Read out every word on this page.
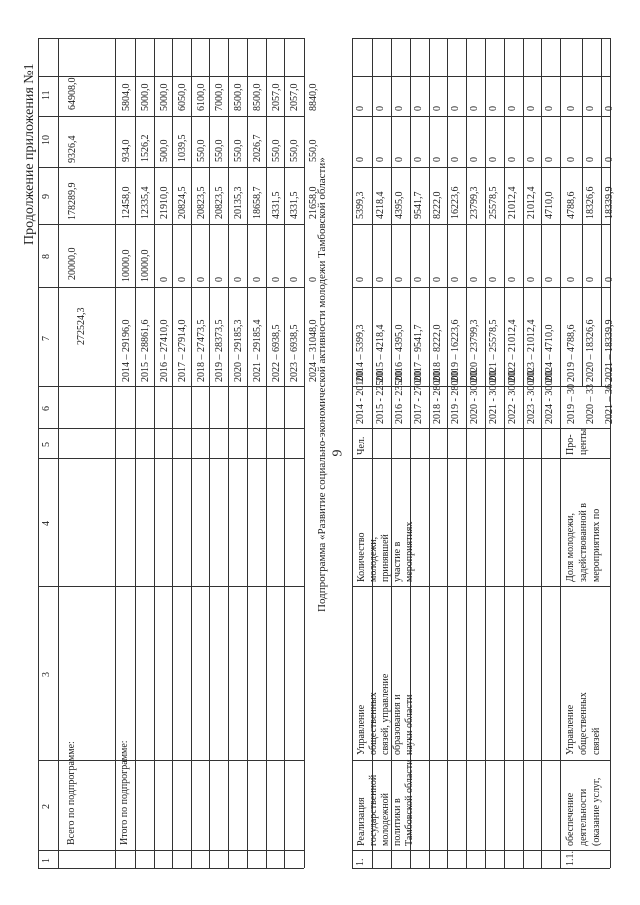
9
Продолжение приложения №1
Подпрограмма «Развитие социально-экономической активности молодежи Тамбовской области»
1
2
3
4
5
6
7
8
9
10
11
Всего по подпрограмме:
272524,3
20000,0
178289,9
9326,4
64908,0
Итого по подпрограмме:
2014 – 29196,0
10000,0
12458,0
934,0
5804,0
2015 – 28861,6
10000,0
12335,4
1526,2
5000,0
2016 – 27410,0
0
21910,0
500,0
5000,0
2017 – 27914,0
0
20824,5
1039,5
6050,0
2018 – 27473,5
0
20823,5
550,0
6100,0
2019 – 28373,5
0
20823,5
550,0
7000,0
2020 – 29185,3
0
20135,3
550,0
8500,0
2021 – 29185,4
0
18658,7
2026,7
8500,0
2022 – 6938,5
0
4331,5
550,0
2057,0
2023 – 6938,5
0
4331,5
550,0
2057,0
2024 – 31048,0
0
21658,0
550,0
8840,0
1.
Реализация государственной молодежной политики в Тамбовской области
Управление общественных связей, управление образования и науки области
Количество молодежи, принявшей участие в мероприятиях
Чел.
2014 - 20100
2014 – 5399,3
0
5399,3
0
0
2015 - 22500
2015 – 4218,4
0
4218,4
0
0
2016 - 23500
2016 – 4395,0
0
4395,0
0
0
2017 - 27000
2017 – 9541,7
0
9541,7
0
0
2018 - 28000
2018 – 8222,0
0
8222,0
0
0
2019 - 28000
2019 – 16223,6
0
16223,6
0
0
2020 - 30000
2020 – 23799,3
0
23799,3
0
0
2021 - 30000
2021 – 25578,5
0
25578,5
0
0
2022 - 30000
2022 – 21012,4
0
21012,4
0
0
2023 - 30000
2023 – 21012,4
0
21012,4
0
0
2024 - 30000
2024 – 4710,0
0
4710,0
0
0
1.1.
обеспечение деятельности (оказание услуг,
Управление общественных связей
Доля молодежи, задействованной в мероприятиях по
Про- центы
2019 – 30
2019 – 4788,6
0
4788,6
0
0
2020 – 33
2020 – 18326,6
0
18326,6
0
0
2021 – 36
2021 – 18339,9
0
18339,9
0
0
